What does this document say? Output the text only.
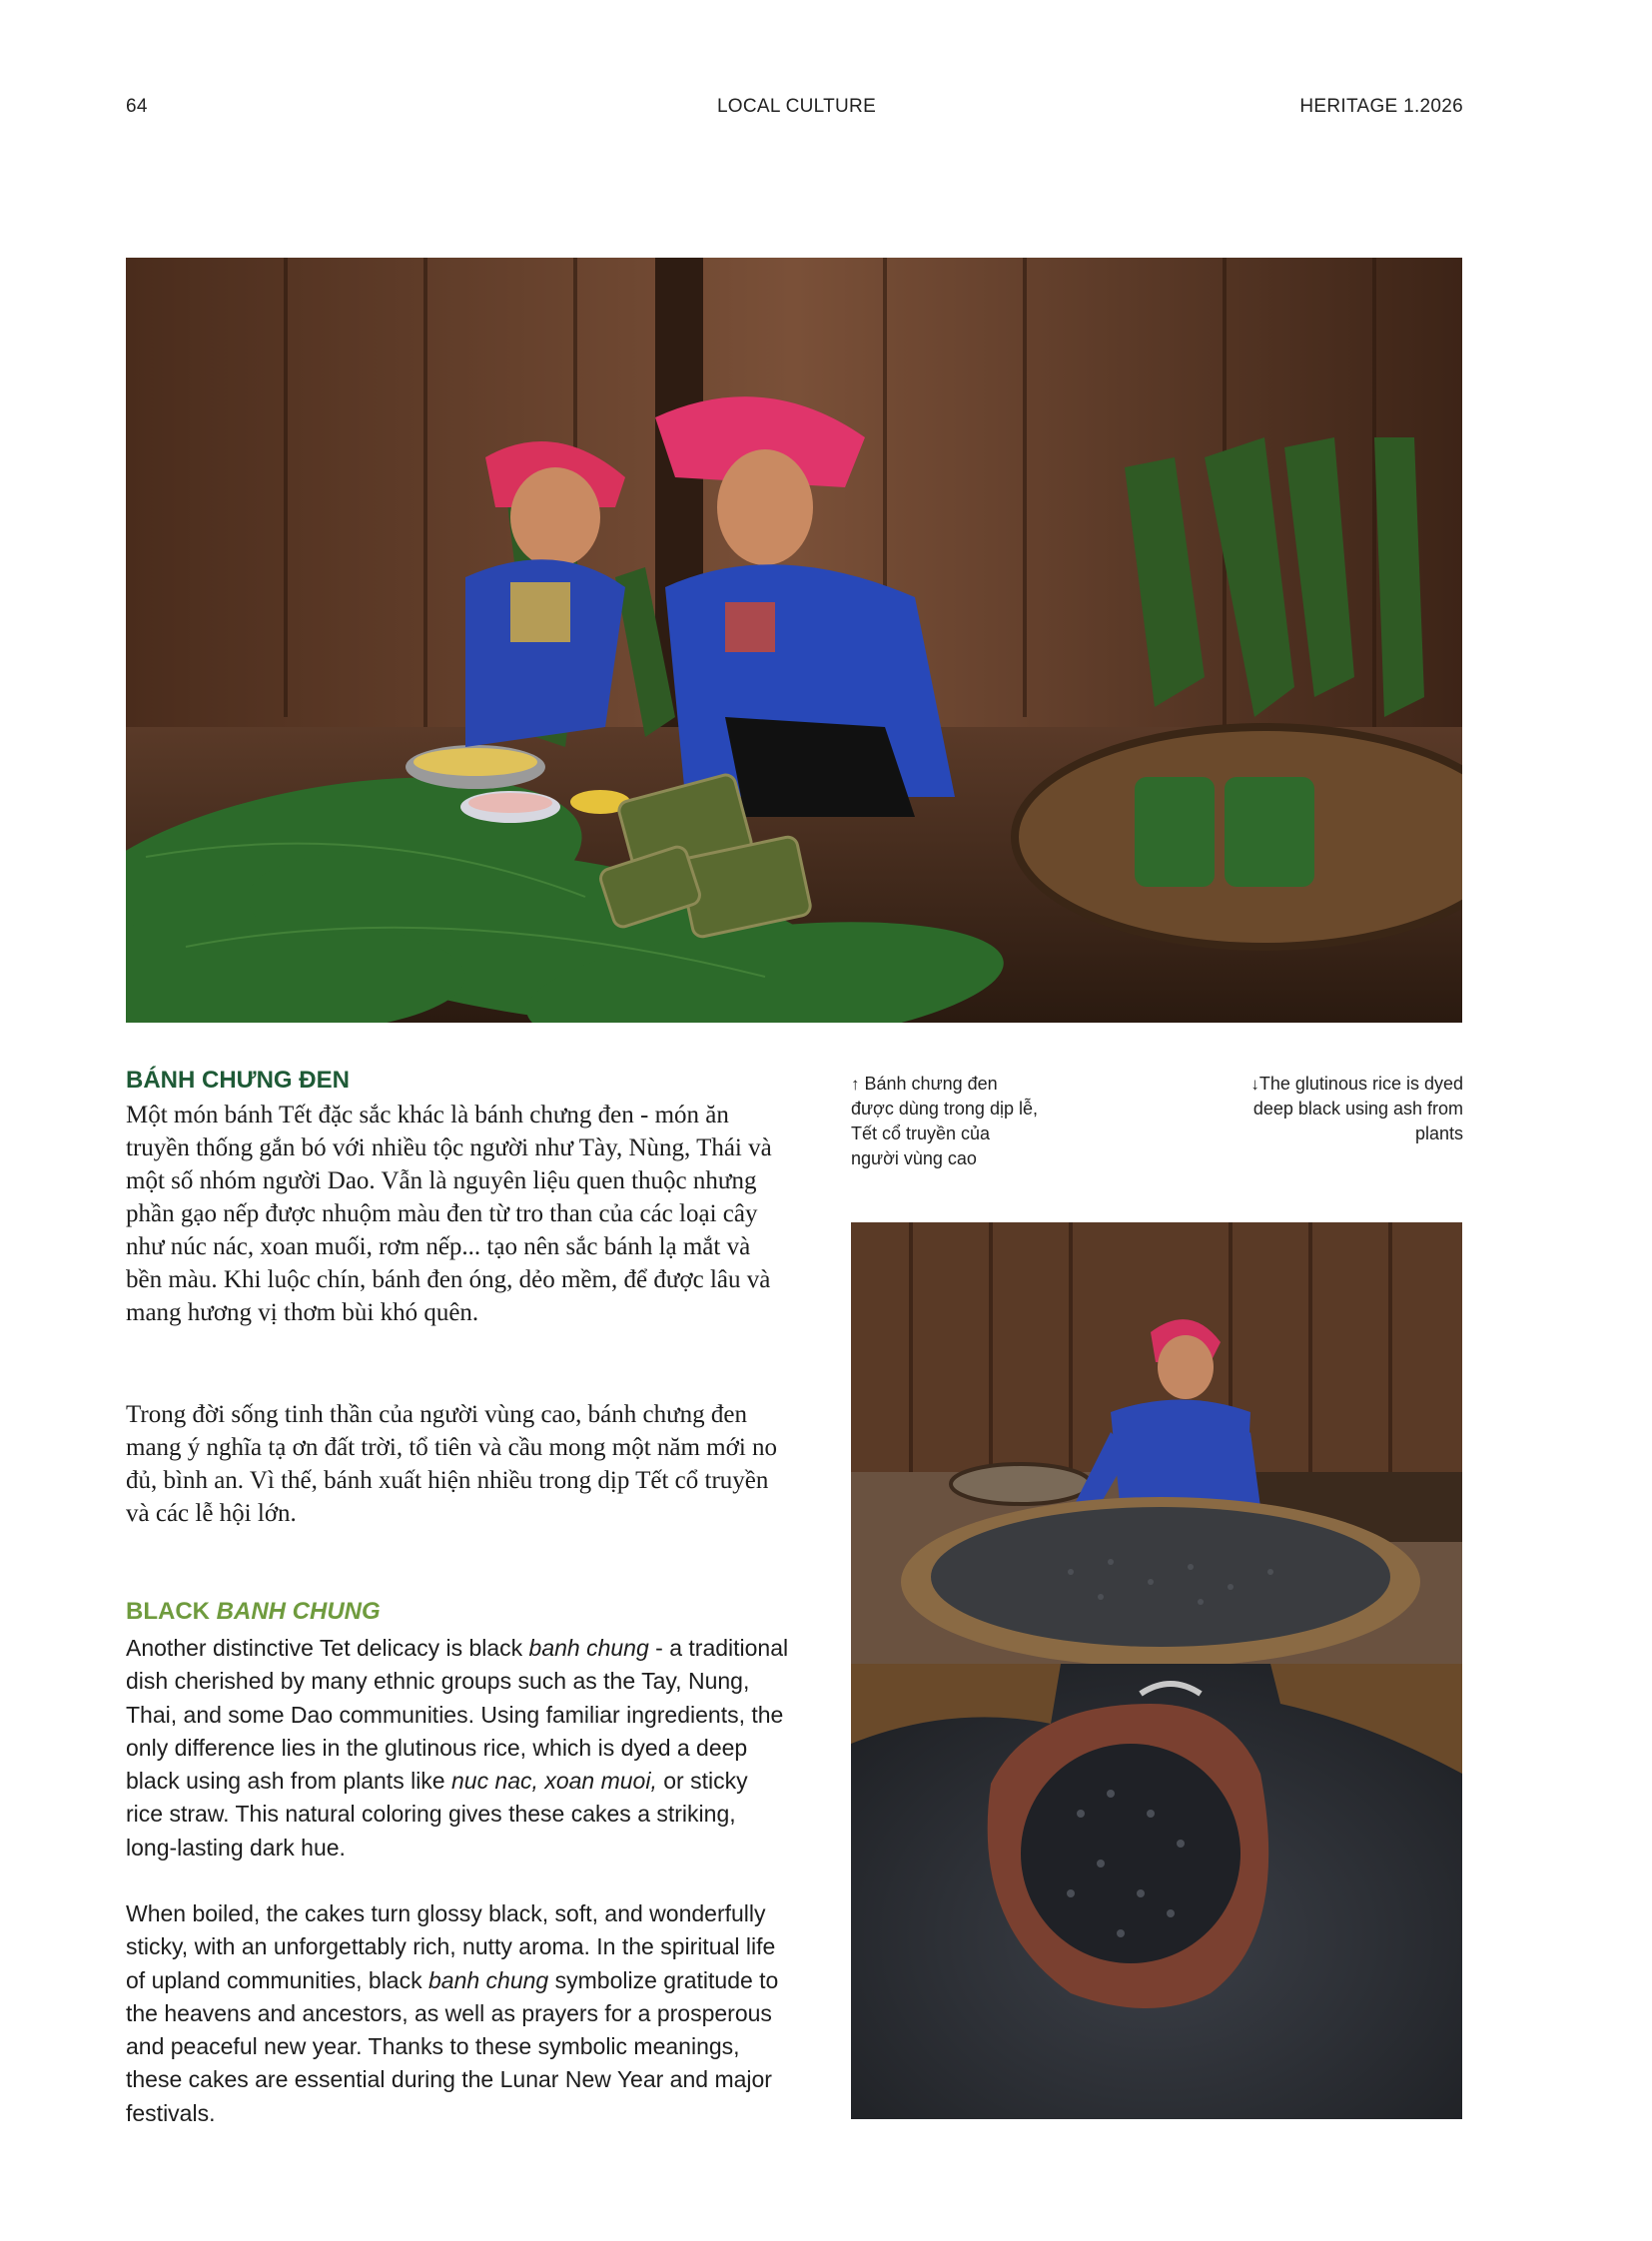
64	LOCAL CULTURE	HERITAGE 1.2026
BÁNH CHƯNG ĐEN

Một món bánh Tết đặc sắc khác là bánh chưng đen - món ăn truyền thống gắn bó với nhiều tộc người như Tày, Nùng, Thái và một số nhóm người Dao. Vẫn là nguyên liệu quen thuộc nhưng phần gạo nếp được nhuộm màu đen từ tro than của các loại cây như núc nác, xoan muối, rơm nếp... tạo nên sắc bánh lạ mắt và bền màu. Khi luộc chín, bánh đen óng, dẻo mềm, để được lâu và mang hương vị thơm bùi khó quên.

Trong đời sống tinh thần của người vùng cao, bánh chưng đen mang ý nghĩa tạ ơn đất trời, tổ tiên và cầu mong một năm mới no đủ, bình an. Vì thế, bánh xuất hiện nhiều trong dịp Tết cổ truyền và các lễ hội lớn.

BLACK BANH CHUNG

Another distinctive Tet delicacy is black banh chung - a traditional dish cherished by many ethnic groups such as the Tay, Nung, Thai, and some Dao communities. Using familiar ingredients, the only difference lies in the glutinous rice, which is dyed a deep black using ash from plants like nuc nac, xoan muoi, or sticky rice straw. This natural coloring gives these cakes a striking, long-lasting dark hue.

When boiled, the cakes turn glossy black, soft, and wonderfully sticky, with an unforgettably rich, nutty aroma. In the spiritual life of upland communities, black banh chung symbolize gratitude to the heavens and ancestors, as well as prayers for a prosperous and peaceful new year. Thanks to these symbolic meanings, these cakes are essential during the Lunar New Year and major festivals.

↑ Bánh chưng đen được dùng trong dịp lễ, Tết cổ truyền của người vùng cao
↓The glutinous rice is dyed deep black using ash from plants
